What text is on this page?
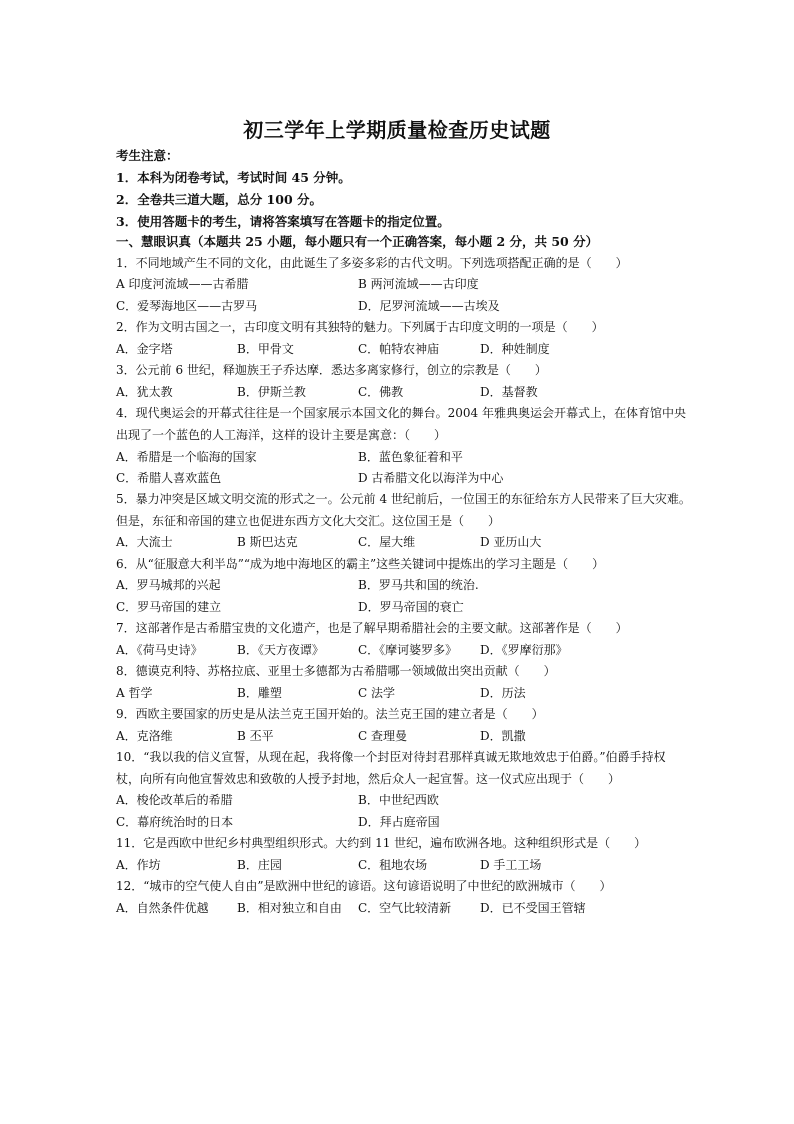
初三学年上学期质量检查历史试题
考生注意：
1．本科为闭卷考试，考试时间 45 分钟。
2．全卷共三道大题，总分 100 分。
3．使用答题卡的考生，请将答案填写在答题卡的指定位置。
一、慧眼识真（本题共 25 小题，每小题只有一个正确答案，每小题 2 分，共 50 分）
1．不同地域产生不同的文化，由此诞生了多姿多彩的古代文明。下列选项搭配正确的是（　　）
A 印度河流域——古希腊	B 两河流域——古印度
C．爱琴海地区——古罗马	D．尼罗河流域——古埃及
2．作为文明古国之一，古印度文明有其独特的魅力。下列属于古印度文明的一项是（　　）
A．金字塔	B．甲骨文	C．帕特农神庙	D．种姓制度
3．公元前 6 世纪，释迦族王子乔达摩．悉达多离家修行，创立的宗教是（　　）
A．犹太教	B．伊斯兰教	C．佛教	D．基督教
4．现代奥运会的开幕式往往是一个国家展示本国文化的舞台。2004 年雅典奥运会开幕式上，在体育馆中央
出现了一个蓝色的人工海洋，这样的设计主要是寓意：（　　）
A．希腊是一个临海的国家	B．蓝色象征着和平
C．希腊人喜欢蓝色	D 古希腊文化以海洋为中心
5．暴力冲突是区域文明交流的形式之一。公元前 4 世纪前后，一位国王的东征给东方人民带来了巨大灾难。
但是，东征和帝国的建立也促进东西方文化大交汇。这位国王是（　　）
A．大流士	B 斯巴达克	C．屋大维	D 亚历山大
6．从“征服意大利半岛”“成为地中海地区的霸主”这些关键词中提炼出的学习主题是（　　）
A．罗马城邦的兴起	B．罗马共和国的统治.
C．罗马帝国的建立	D．罗马帝国的衰亡
7．这部著作是古希腊宝贵的文化遗产，也是了解早期希腊社会的主要文献。这部著作是（　　）
A．《荷马史诗》	B．《天方夜谭》	C．《摩诃婆罗多》 D．《罗摩衍那》
8．德谟克利特、苏格拉底、亚里士多德都为古希腊哪一领域做出突出贡献（　　）
A 哲学	B．雕塑	C 法学	D．历法
9．西欧主要国家的历史是从法兰克王国开始的。法兰克王国的建立者是（　　）
A．克洛维	B 丕平	C 查理曼	D．凯撒
10．“我以我的信义宣誓，从现在起，我将像一个封臣对待封君那样真诚无欺地效忠于伯爵。”伯爵手持权
杖，向所有向他宣誓效忠和致敬的人授予封地，然后众人一起宣誓。这一仪式应出现于（　　）
A．梭伦改革后的希腊	B．中世纪西欧
C．幕府统治时的日本	D．拜占庭帝国
11．它是西欧中世纪乡村典型组织形式。大约到 11 世纪，遍布欧洲各地。这种组织形式是（　　）
A．作坊	B．庄园	C．租地农场	D 手工工场
12．“城市的空气使人自由”是欧洲中世纪的谚语。这句谚语说明了中世纪的欧洲城市（　　）
A．自然条件优越 B．相对独立和自由 C．空气比较清新 D．已不受国王管辖
